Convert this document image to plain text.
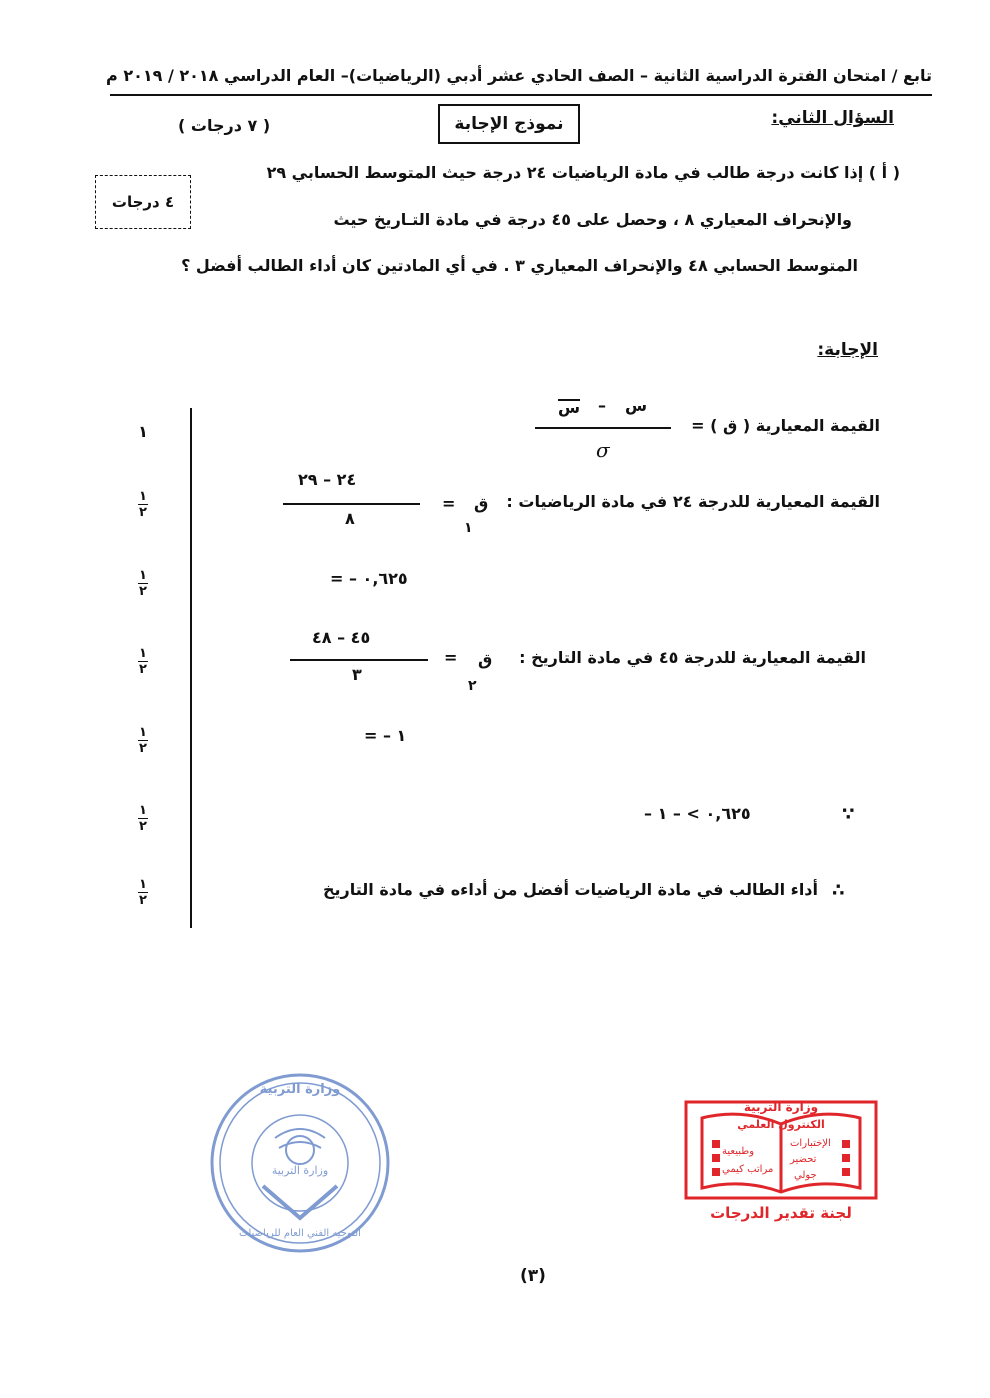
تابع / امتحان الفترة الدراسية الثانية – الصف الحادي عشر أدبي (الرياضيات)– العام الدراسي ٢٠١٨ / ٢٠١٩ م
السؤال الثاني:
نموذج الإجابة
( ٧ درجات )
٤ درجات
( أ ) إذا كانت درجة طالب في مادة الرياضيات ٢٤ درجة حيث المتوسط الحسابي ٢٩
والإنحراف المعياري ٨ ، وحصل على ٤٥ درجة في مادة التـاريخ حيث
المتوسط الحسابي ٤٨ والإنحراف المعياري ٣ . في أي المادتين كان أداء الطالب أفضل ؟
الإجابة:
القيمة المعيارية ( ق ) =
س – س
σ
القيمة المعيارية للدرجة ٢٤ في مادة الرياضيات :
ق
١
=
٢٤ – ٢٩
٨
= – ٠,٦٢٥
القيمة المعيارية للدرجة ٤٥ في مادة التاريخ :
ق
٢
=
٤٥ – ٤٨
٣
= – ١
∵
– ٠,٦٢٥ > – ١
∴
أداء الطالب في مادة الرياضيات أفضل من أداءه في مادة التاريخ
١
١
٢
١
٢
١
٢
١
٢
١
٢
١
٢
وزارة التربية
وزارة التربية
التوجيه الفني العام للرياضيات
وزارة التربية
الكنترول العلمي
الإختبارات
تحضير
جولي
وطبيعية
مراتب كيمي
لجنة تقدير الدرجات
(٣)
